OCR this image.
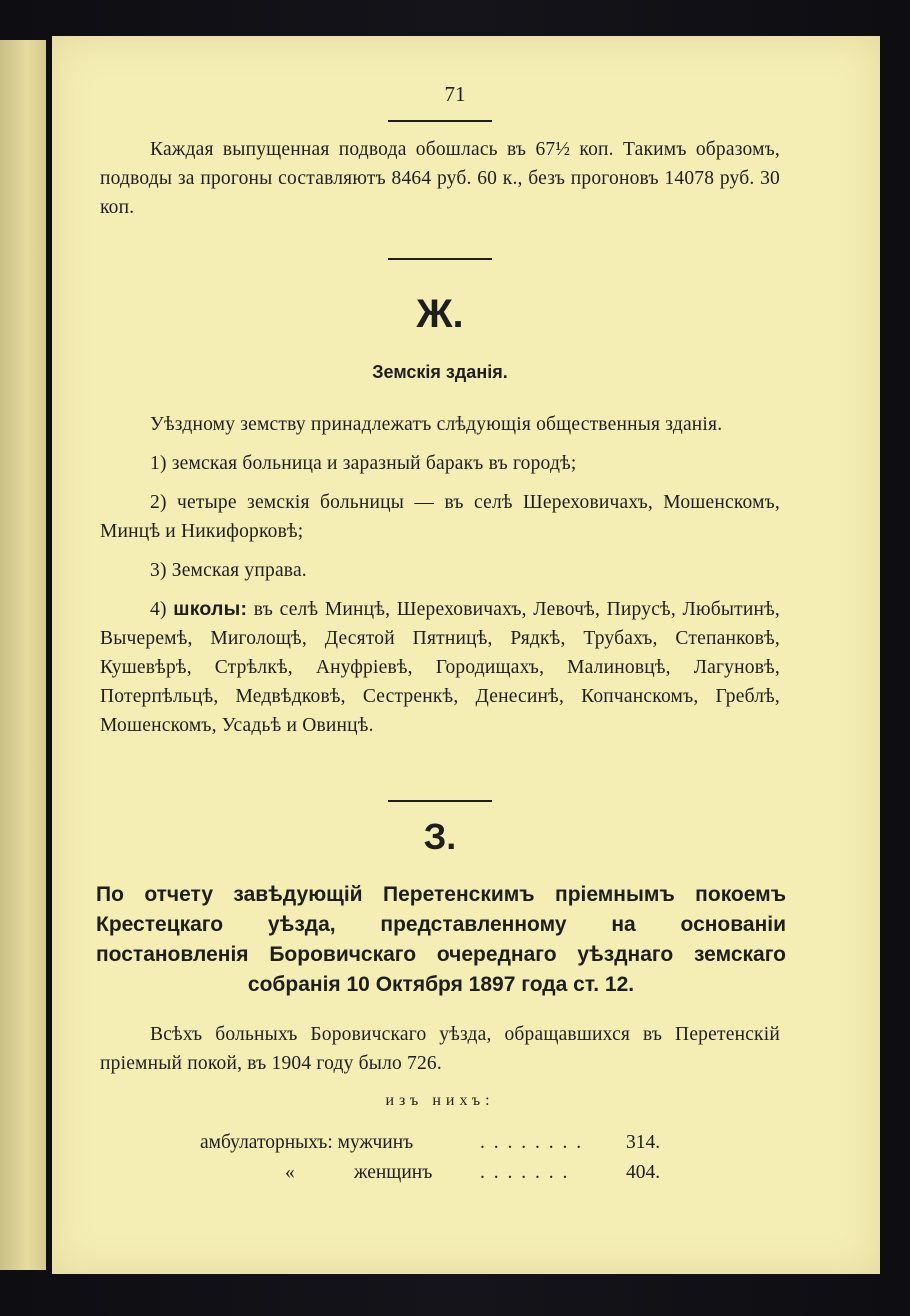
71

Каждая выпущенная подвода обошлась въ 67½ коп. Такимъ образомъ, подводы за прогоны составляютъ 8464 руб. 60 к., безъ прогоновъ 14078 руб. 30 коп.

Ж.
Земскія зданія.

Уѣздному земству принадлежатъ слѣдующія общественныя зданія.

1) земская больница и заразный баракъ въ городѣ;

2) четыре земскія больницы — въ селѣ Шереховичахъ, Мошенскомъ, Минцѣ и Никифорковѣ;

3) Земская управа.

4) школы: въ селѣ Минцѣ, Шереховичахъ, Левочѣ, Пирусѣ, Любытинѣ, Вычеремѣ, Миголощѣ, Десятой Пятницѣ, Рядкѣ, Трубахъ, Степанковѣ, Кушевѣрѣ, Стрѣлкѣ, Ануфріевѣ, Городищахъ, Малиновцѣ, Лагуновѣ, Потерпѣльцѣ, Медвѣдковѣ, Сестренкѣ, Денесинѣ, Копчанскомъ, Греблѣ, Мошенскомъ, Усадьѣ и Овинцѣ.

З.
По отчету завѣдующій Перетенскимъ пріемнымъ покоемъ Крестецкаго уѣзда, представленному на основаніи постановленія Боровичскаго очереднаго уѣзднаго земскаго собранія 10 Октября 1897 года ст. 12.

Всѣхъ больныхъ Боровичскаго уѣзда, обращавшихся въ Перетенскій пріемный покой, въ 1904 году было 726.

изъ нихъ:
амбулаторныхъ: мужчинъ	. . . . . . . . 314.
«	женщинъ . . . . . . .	404.
